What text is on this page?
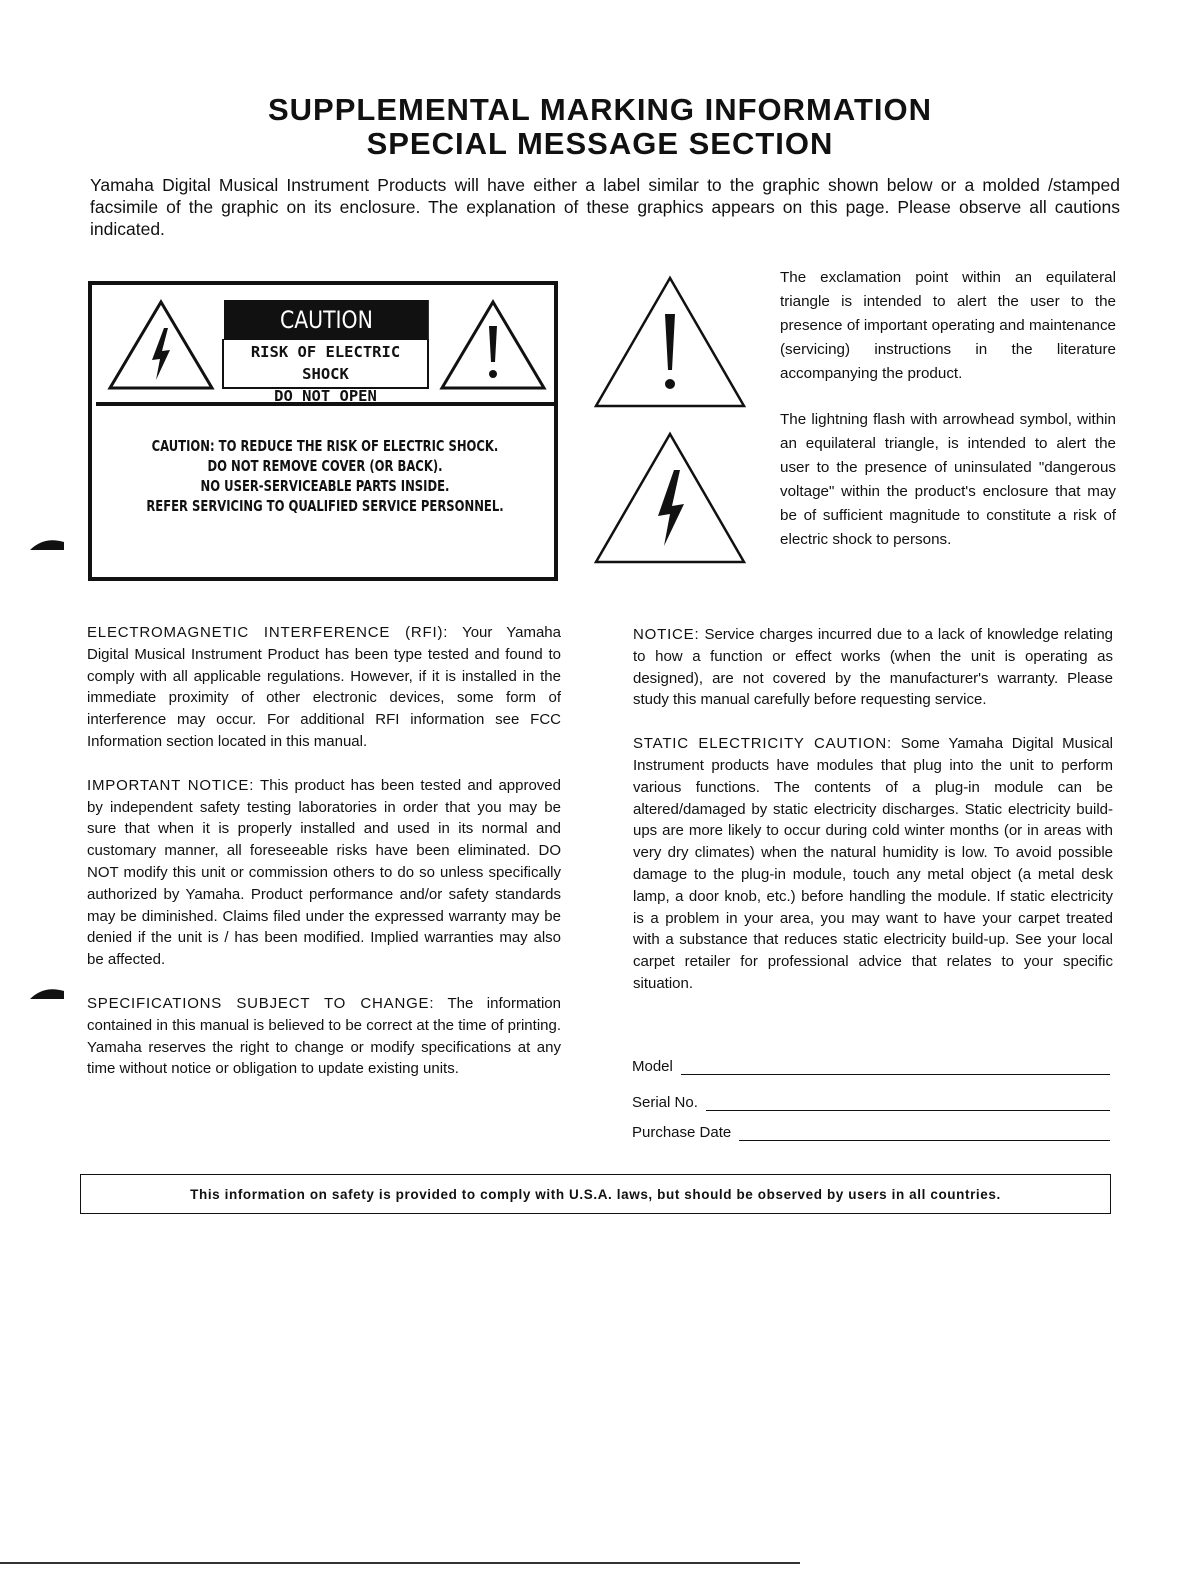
SUPPLEMENTAL MARKING INFORMATION
SPECIAL MESSAGE SECTION
Yamaha Digital Musical Instrument Products will have either a label similar to the graphic shown below or a molded /stamped facsimile of the graphic on its enclosure. The explanation of these graphics appears on this page. Please observe all cautions indicated.
CAUTION
RISK OF ELECTRIC SHOCK
DO NOT OPEN
CAUTION: TO REDUCE THE RISK OF ELECTRIC SHOCK.
DO NOT REMOVE COVER (OR BACK).
NO USER-SERVICEABLE PARTS INSIDE.
REFER SERVICING TO QUALIFIED SERVICE PERSONNEL.
The exclamation point within an equilateral triangle is intended to alert the user to the presence of important operating and maintenance (servicing) instructions in the literature accompanying the product.
The lightning flash with arrowhead symbol, within an equilateral triangle, is intended to alert the user to the presence of uninsulated "dangerous voltage" within the product's enclosure that may be of sufficient magnitude to constitute a risk of electric shock to persons.

ELECTROMAGNETIC INTERFERENCE (RFI): Your Yamaha Digital Musical Instrument Product has been type tested and found to comply with all applicable regulations. However, if it is installed in the immediate proximity of other electronic devices, some form of interference may occur. For additional RFI information see FCC Information section located in this manual.

IMPORTANT NOTICE: This product has been tested and approved by independent safety testing laboratories in order that you may be sure that when it is properly installed and used in its normal and customary manner, all foreseeable risks have been eliminated. DO NOT modify this unit or commission others to do so unless specifically authorized by Yamaha. Product performance and/or safety standards may be diminished. Claims filed under the expressed warranty may be denied if the unit is / has been modified. Implied warranties may also be affected.

SPECIFICATIONS SUBJECT TO CHANGE: The information contained in this manual is believed to be correct at the time of printing. Yamaha reserves the right to change or modify specifications at any time without notice or obligation to update existing units.

NOTICE: Service charges incurred due to a lack of knowledge relating to how a function or effect works (when the unit is operating as designed), are not covered by the manufacturer's warranty. Please study this manual carefully before requesting service.

STATIC ELECTRICITY CAUTION: Some Yamaha Digital Musical Instrument products have modules that plug into the unit to perform various functions. The contents of a plug-in module can be altered/damaged by static electricity discharges. Static electricity build-ups are more likely to occur during cold winter months (or in areas with very dry climates) when the natural humidity is low. To avoid possible damage to the plug-in module, touch any metal object (a metal desk lamp, a door knob, etc.) before handling the module. If static electricity is a problem in your area, you may want to have your carpet treated with a substance that reduces static electricity build-up. See your local carpet retailer for professional advice that relates to your specific situation.

Model
Serial No.
Purchase Date
This information on safety is provided to comply with U.S.A. laws, but should be observed by users in all countries.
